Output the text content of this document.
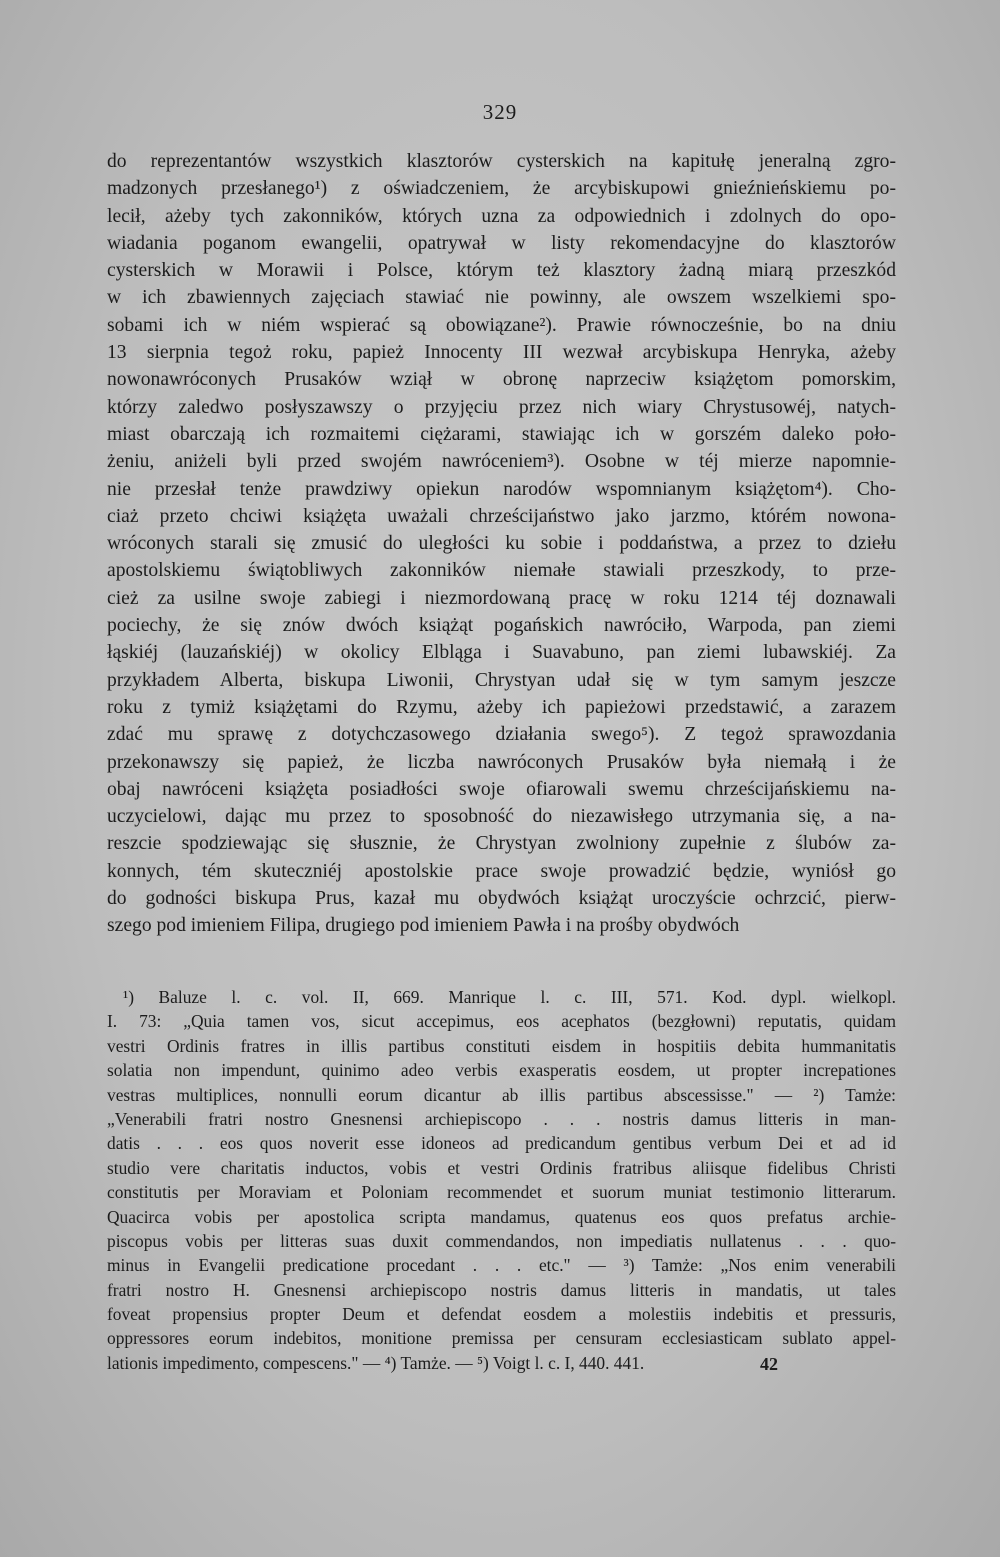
329
do reprezentantów wszystkich klasztorów cysterskich na kapitułę jeneralną zgro-
madzonych przesłanego¹) z oświadczeniem, że arcybiskupowi gnieźnieńskiemu po-
lecił, ażeby tych zakonników, których uzna za odpowiednich i zdolnych do opo-
wiadania poganom ewangelii, opatrywał w listy rekomendacyjne do klasztorów
cysterskich w Morawii i Polsce, którym też klasztory żadną miarą przeszkód
w ich zbawiennych zajęciach stawiać nie powinny, ale owszem wszelkiemi spo-
sobami ich w niém wspierać są obowiązane²). Prawie równocześnie, bo na dniu
13 sierpnia tegoż roku, papież Innocenty III wezwał arcybiskupa Henryka, ażeby
nowonawróconych Prusaków wziął w obronę naprzeciw książętom pomorskim,
którzy zaledwo posłyszawszy o przyjęciu przez nich wiary Chrystusowéj, natych-
miast obarczają ich rozmaitemi ciężarami, stawiając ich w gorszém daleko poło-
żeniu, aniżeli byli przed swojém nawróceniem³). Osobne w téj mierze napomnie-
nie przesłał tenże prawdziwy opiekun narodów wspomnianym książętom⁴). Cho-
ciaż przeto chciwi książęta uważali chrześcijaństwo jako jarzmo, którém nowona-
wróconych starali się zmusić do uległości ku sobie i poddaństwa, a przez to dziełu
apostolskiemu świątobliwych zakonników niemałe stawiali przeszkody, to prze-
cież za usilne swoje zabiegi i niezmordowaną pracę w roku 1214 téj doznawali
pociechy, że się znów dwóch książąt pogańskich nawróciło, Warpoda, pan ziemi
łąskiéj (lauzańskiéj) w okolicy Elbląga i Suavabuno, pan ziemi lubawskiéj. Za
przykładem Alberta, biskupa Liwonii, Chrystyan udał się w tym samym jeszcze
roku z tymiż książętami do Rzymu, ażeby ich papieżowi przedstawić, a zarazem
zdać mu sprawę z dotychczasowego działania swego⁵). Z tegoż sprawozdania
przekonawszy się papież, że liczba nawróconych Prusaków była niemałą i że
obaj nawróceni książęta posiadłości swoje ofiarowali swemu chrześcijańskiemu na-
uczycielowi, dając mu przez to sposobność do niezawisłego utrzymania się, a na-
reszcie spodziewając się słusznie, że Chrystyan zwolniony zupełnie z ślubów za-
konnych, tém skuteczniéj apostolskie prace swoje prowadzić będzie, wyniósł go
do godności biskupa Prus, kazał mu obydwóch książąt uroczyście ochrzcić, pierw-
szego pod imieniem Filipa, drugiego pod imieniem Pawła i na prośby obydwóch
¹) Baluze l. c. vol. II, 669. Manrique l. c. III, 571. Kod. dypl. wielkopl.
I. 73: „Quia tamen vos, sicut accepimus, eos acephatos (bezgłowni) reputatis, quidam
vestri Ordinis fratres in illis partibus constituti eisdem in hospitiis debita hummanitatis
solatia non impendunt, quinimo adeo verbis exasperatis eosdem, ut propter increpationes
vestras multiplices, nonnulli eorum dicantur ab illis partibus abscessisse." — ²) Tamże:
„Venerabili fratri nostro Gnesnensi archiepiscopo . . . nostris damus litteris in man-
datis . . . eos quos noverit esse idoneos ad predicandum gentibus verbum Dei et ad id
studio vere charitatis inductos, vobis et vestri Ordinis fratribus aliisque fidelibus Christi
constitutis per Moraviam et Poloniam recommendet et suorum muniat testimonio litterarum.
Quacirca vobis per apostolica scripta mandamus, quatenus eos quos prefatus archie-
piscopus vobis per litteras suas duxit commendandos, non impediatis nullatenus . . . quo-
minus in Evangelii predicatione procedant . . . etc." — ³) Tamże: „Nos enim venerabili
fratri nostro H. Gnesnensi archiepiscopo nostris damus litteris in mandatis, ut tales
foveat propensius propter Deum et defendat eosdem a molestiis indebitis et pressuris,
oppressores eorum indebitos, monitione premissa per censuram ecclesiasticam sublato appel-
lationis impedimento, compescens." — ⁴) Tamże. — ⁵) Voigt l. c. I, 440. 441.	42
